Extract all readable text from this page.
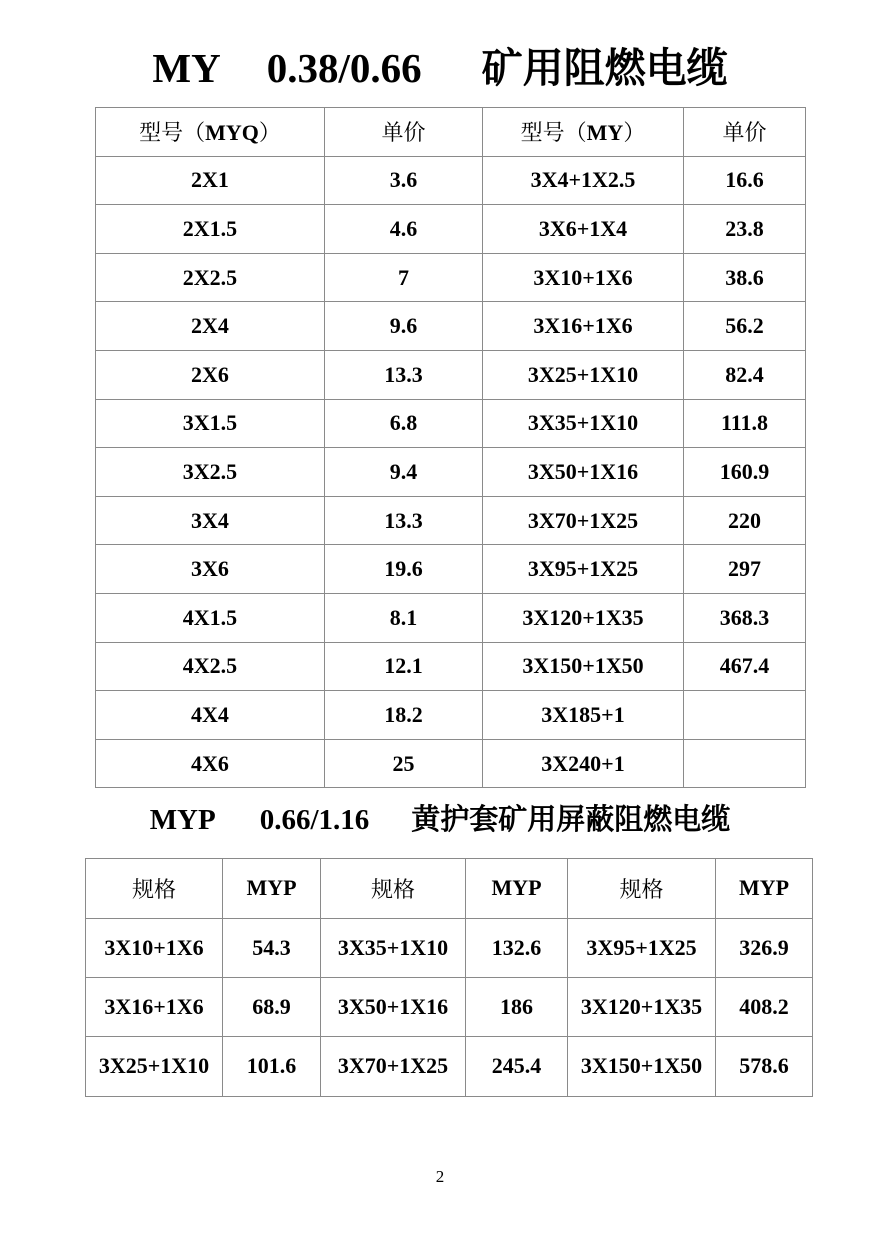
MY 0.38/0.66 矿用阻燃电缆
型号（MYQ）	单价	型号（MY）	单价
2X1	3.6	3X4+1X2.5	16.6
2X1.5	4.6	3X6+1X4	23.8
2X2.5	7	3X10+1X6	38.6
2X4	9.6	3X16+1X6	56.2
2X6	13.3	3X25+1X10	82.4
3X1.5	6.8	3X35+1X10	111.8
3X2.5	9.4	3X50+1X16	160.9
3X4	13.3	3X70+1X25	220
3X6	19.6	3X95+1X25	297
4X1.5	8.1	3X120+1X35	368.3
4X2.5	12.1	3X150+1X50	467.4
4X4	18.2	3X185+1	
4X6	25	3X240+1	
MYP 0.66/1.16 黄护套矿用屏蔽阻燃电缆
规格	MYP	规格	MYP	规格	MYP
3X10+1X6	54.3	3X35+1X10	132.6	3X95+1X25	326.9
3X16+1X6	68.9	3X50+1X16	186	3X120+1X35	408.2
3X25+1X10	101.6	3X70+1X25	245.4	3X150+1X50	578.6
2
